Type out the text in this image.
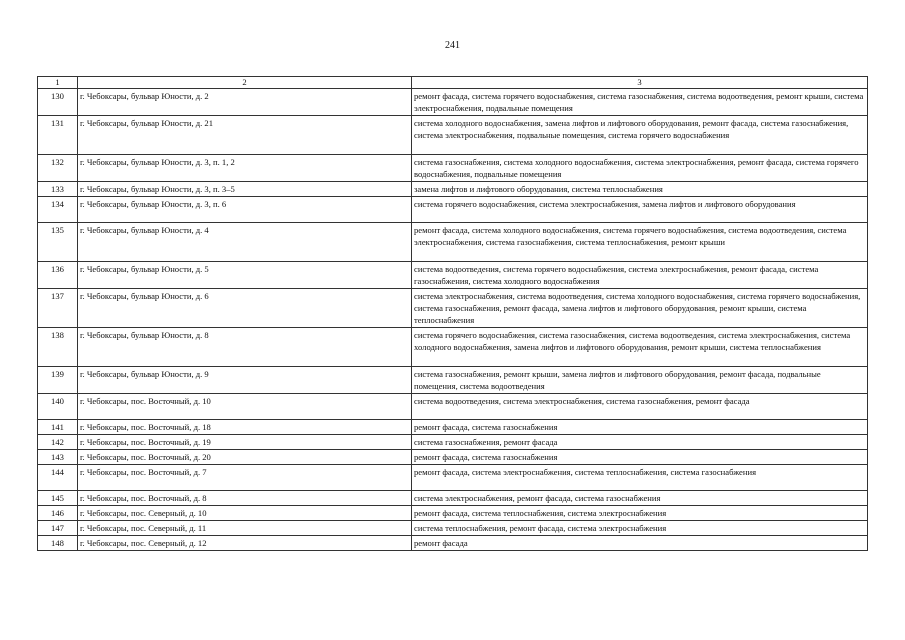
241
1	2	3
130	г. Чебоксары, бульвар Юности, д. 2	ремонт фасада, система горячего водоснабжения, система газоснабжения, система водоотведения, ремонт крыши, система электроснабжения, подвальные помещения
131	г. Чебоксары, бульвар Юности, д. 21	система холодного водоснабжения, замена лифтов и лифтового оборудования, ремонт фасада, система газоснабжения, система электроснабжения, подвальные помещения, система горячего водоснабжения
132	г. Чебоксары, бульвар Юности, д. 3, п. 1, 2	система газоснабжения, система холодного водоснабжения, система электроснабжения, ремонт фасада, система горячего водоснабжения, подвальные помещения
133	г. Чебоксары, бульвар Юности, д. 3, п. 3–5	замена лифтов и лифтового оборудования, система теплоснабжения
134	г. Чебоксары, бульвар Юности, д. 3, п. 6	система горячего водоснабжения, система электроснабжения, замена лифтов и лифтового оборудования
135	г. Чебоксары, бульвар Юности, д. 4	ремонт фасада, система холодного водоснабжения, система горячего водоснабжения, система водоотведения, система электроснабжения, система газоснабжения, система теплоснабжения, ремонт крыши
136	г. Чебоксары, бульвар Юности, д. 5	система водоотведения, система горячего водоснабжения, система электроснабжения, ремонт фасада, система газоснабжения, система холодного водоснабжения
137	г. Чебоксары, бульвар Юности, д. 6	система электроснабжения, система водоотведения, система холодного водоснабжения, система горячего водоснабжения, система газоснабжения, ремонт фасада, замена лифтов и лифтового оборудования, ремонт крыши, система теплоснабжения
138	г. Чебоксары, бульвар Юности, д. 8	система горячего водоснабжения, система газоснабжения, система водоотведения, система электроснабжения, система холодного водоснабжения, замена лифтов и лифтового оборудования, ремонт крыши, система теплоснабжения
139	г. Чебоксары, бульвар Юности, д. 9	система газоснабжения, ремонт крыши, замена лифтов и лифтового оборудования, ремонт фасада, подвальные помещения, система водоотведения
140	г. Чебоксары, пос. Восточный, д. 10	система водоотведения, система электроснабжения, система газоснабжения, ремонт фасада
141	г. Чебоксары, пос. Восточный, д. 18	ремонт фасада, система газоснабжения
142	г. Чебоксары, пос. Восточный, д. 19	система газоснабжения, ремонт фасада
143	г. Чебоксары, пос. Восточный, д. 20	ремонт фасада, система газоснабжения
144	г. Чебоксары, пос. Восточный, д. 7	ремонт фасада, система электроснабжения, система теплоснабжения, система газоснабжения
145	г. Чебоксары, пос. Восточный, д. 8	система электроснабжения, ремонт фасада, система газоснабжения
146	г. Чебоксары, пос. Северный, д. 10	ремонт фасада, система теплоснабжения, система электроснабжения
147	г. Чебоксары, пос. Северный, д. 11	система теплоснабжения, ремонт фасада, система электроснабжения
148	г. Чебоксары, пос. Северный, д. 12	ремонт фасада
